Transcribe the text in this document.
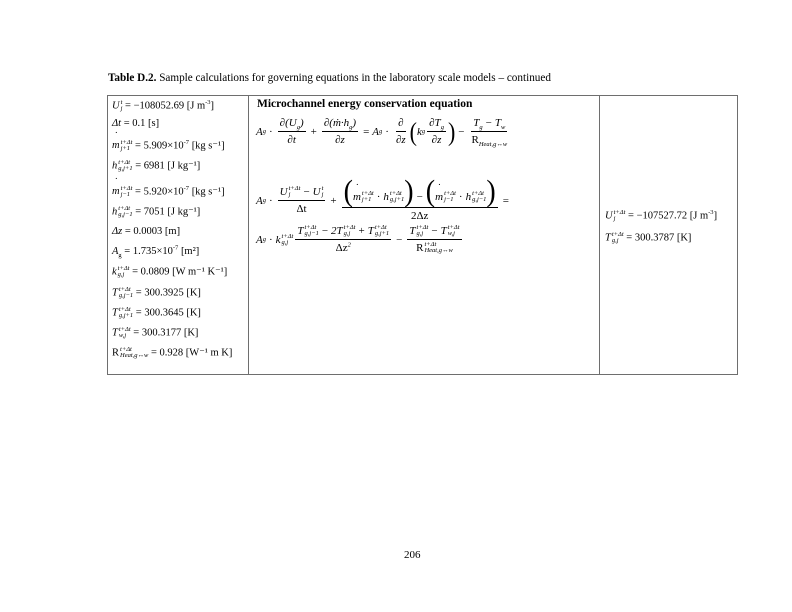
Table D.2. Sample calculations for governing equations in the laboratory scale models – continued
U t
j = −108052.69 [J $m^{-3}$]
Δt = 0.1 [s]
˙ m t+Δt
$j+1 = 5.909\times 10^{-7}$ [kg s⁻¹]
h t+Δt
g,j+1 = 6981 [J kg⁻¹]
˙ m t+Δt
$j-1 = 5.920\times 10^{-7}$ [kg s⁻¹]
h t+Δt
g,j−1 = 7051 [J kg⁻¹]
Δz = 0.0003 [m]
$A_g = 1.735\times 10^{-7}$ [m²]
k t+Δt
g,j = 0.0809 [W m⁻¹ K⁻¹]
T t+Δt
g,j−1 = 300.3925 [K]
T t+Δt
g,j+1 = 300.3645 [K]
T t+Δt
w,j = 300.3177 [K]
R t+Δt
Heat,g↔w = 0.928 [W⁻¹ m K]
Microchannel energy conservation equation
A $g \cdot \frac{\partial(U_g)}{\partial t} + \frac{\partial(ṁ\cdot h_g)}{\partial z} = A$ $g \cdot \frac{\partial}{\partial z}$ ( k g $\frac{\partial T_g}{\partial z}$ ) − $\frac{T_g - T_w}{R_{Heat,g\leftrightarrow w}}$
A g · U t+Δt
j	− U t
j
Δt + (˙ m t+Δt
j+1 · h t+Δt
g,j+1 ) − (˙ m t+Δt
j−1 · h t+Δt
g,j−1 )
2Δz =
A g · k t+Δt
g,j T t+Δt
g,j−1 − 2T t+Δt
g,j + T t+Δt
g,j+1
$\Delta z^2 - T$ t+Δt
g,j − T t+Δt
w,j
R t+Δt
Heat,g↔w
U t+Δt
j = −107527.72 [J $m^{-3}$]
T t+Δt
g,j = 300.3787 [K]
206
